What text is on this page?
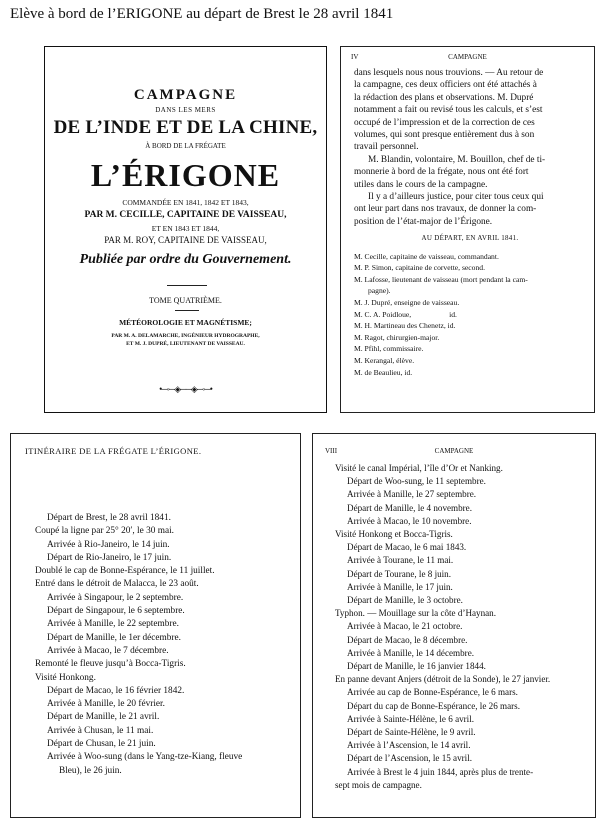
Elève à bord de l’ERIGONE au départ de Brest le 28 avril 1841
CAMPAGNE
DANS LES MERS
DE L’INDE ET DE LA CHINE,
À BORD DE LA FRÉGATE
L’ÉRIGONE
COMMANDÉE EN 1841, 1842 ET 1843,
PAR M. CECILLE, CAPITAINE DE VAISSEAU,
ET EN 1843 ET 1844,
PAR M. ROY, CAPITAINE DE VAISSEAU,
Publiée par ordre du Gouvernement.
TOME QUATRIÈME.
MÉTÉOROLOGIE ET MAGNÉTISME;
PAR M. A. DELAMARCHE, INGÉNIEUR HYDROGRAPHE,
ET M. J. DUPRÉ, LIEUTENANT DE VAISSEAU.
•─◦─◈──◈─◦─•
IV	CAMPAGNE
dans lesquels nous nous trouvions. — Au retour de
la campagne, ces deux officiers ont été attachés à
la rédaction des plans et observations. M. Dupré
notamment a fait ou revisé tous les calculs, et s’est
occupé de l’impression et de la correction de ces
volumes, qui sont presque entièrement dus à son
travail personnel.
M. Blandin, volontaire, M. Bouillon, chef de ti-
monnerie à bord de la frégate, nous ont été fort
utiles dans le cours de la campagne.
Il y a d’ailleurs justice, pour citer tous ceux qui
ont leur part dans nos travaux, de donner la com-
position de l’état-major de l’Érigone.
AU DÉPART, EN AVRIL 1841.
M. Cecille, capitaine de vaisseau, commandant.
M. P. Simon, capitaine de corvette, second.
M. Lafosse, lieutenant de vaisseau (mort pendant la cam-
pagne).
M. J. Dupré, enseigne de vaisseau.
M. C. A. Poidloue,                    id.
M. H. Martineau des Chenetz, id.
M. Ragot, chirurgien-major.
M. Pfihl, commissaire.
M. Kerangal, élève.
M. de Beaulieu, id.
ITINÉRAIRE DE LA FRÉGATE L’ÉRIGONE.
Départ de Brest, le 28 avril 1841.
Coupé la ligne par 25° 20′, le 30 mai.
Arrivée à Rio-Janeiro, le 14 juin.
Départ de Rio-Janeiro, le 17 juin.
Doublé le cap de Bonne-Espérance, le 11 juillet.
Entré dans le détroit de Malacca, le 23 août.
Arrivée à Singapour, le 2 septembre.
Départ de Singapour, le 6 septembre.
Arrivée à Manille, le 22 septembre.
Départ de Manille, le 1er décembre.
Arrivée à Macao, le 7 décembre.
Remonté le fleuve jusqu’à Bocca-Tigris.
Visité Honkong.
Départ de Macao, le 16 février 1842.
Arrivée à Manille, le 20 février.
Départ de Manille, le 21 avril.
Arrivée à Chusan, le 11 mai.
Départ de Chusan, le 21 juin.
Arrivée à Woo-sung (dans le Yang-tze-Kiang, fleuve
Bleu), le 26 juin.
VIII	CAMPAGNE
Visité le canal Impérial, l’île d’Or et Nanking.
Départ de Woo-sung, le 11 septembre.
Arrivée à Manille, le 27 septembre.
Départ de Manille, le 4 novembre.
Arrivée à Macao, le 10 novembre.
Visité Honkong et Bocca-Tigris.
Départ de Macao, le 6 mai 1843.
Arrivée à Tourane, le 11 mai.
Départ de Tourane, le 8 juin.
Arrivée à Manille, le 17 juin.
Départ de Manille, le 3 octobre.
Typhon. — Mouillage sur la côte d’Haynan.
Arrivée à Macao, le 21 octobre.
Départ de Macao, le 8 décembre.
Arrivée à Manille, le 14 décembre.
Départ de Manille, le 16 janvier 1844.
En panne devant Anjers (détroit de la Sonde), le 27 janvier.
Arrivée au cap de Bonne-Espérance, le 6 mars.
Départ du cap de Bonne-Espérance, le 26 mars.
Arrivée à Sainte-Hélène, le 6 avril.
Départ de Sainte-Hélène, le 9 avril.
Arrivée à l’Ascension, le 14 avril.
Départ de l’Ascension, le 15 avril.
Arrivée à Brest le 4 juin 1844, après plus de trente-
sept mois de campagne.
